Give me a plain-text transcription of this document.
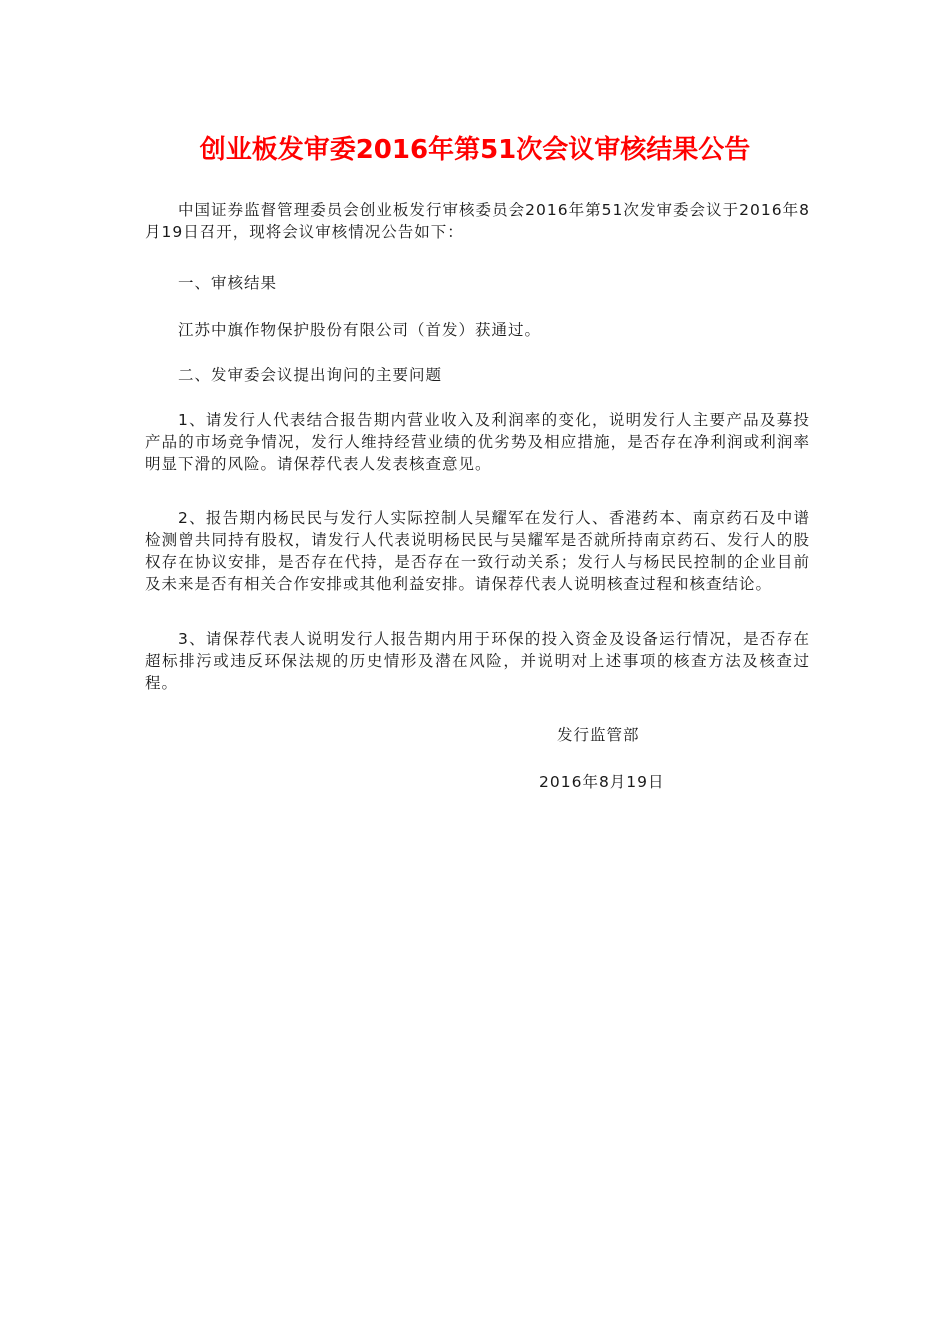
创业板发审委2016年第51次会议审核结果公告

中国证券监督管理委员会创业板发行审核委员会2016年第51次发审委会议于2016年8月19日召开，现将会议审核情况公告如下：

一、审核结果

江苏中旗作物保护股份有限公司（首发）获通过。

二、发审委会议提出询问的主要问题

1、请发行人代表结合报告期内营业收入及利润率的变化，说明发行人主要产品及募投产品的市场竞争情况，发行人维持经营业绩的优劣势及相应措施，是否存在净利润或利润率明显下滑的风险。请保荐代表人发表核查意见。

2、报告期内杨民民与发行人实际控制人吴耀军在发行人、香港药本、南京药石及中谱检测曾共同持有股权，请发行人代表说明杨民民与吴耀军是否就所持南京药石、发行人的股权存在协议安排，是否存在代持，是否存在一致行动关系；发行人与杨民民控制的企业目前及未来是否有相关合作安排或其他利益安排。请保荐代表人说明核查过程和核查结论。

3、请保荐代表人说明发行人报告期内用于环保的投入资金及设备运行情况，是否存在超标排污或违反环保法规的历史情形及潜在风险，并说明对上述事项的核查方法及核查过程。

发行监管部

2016年8月19日
